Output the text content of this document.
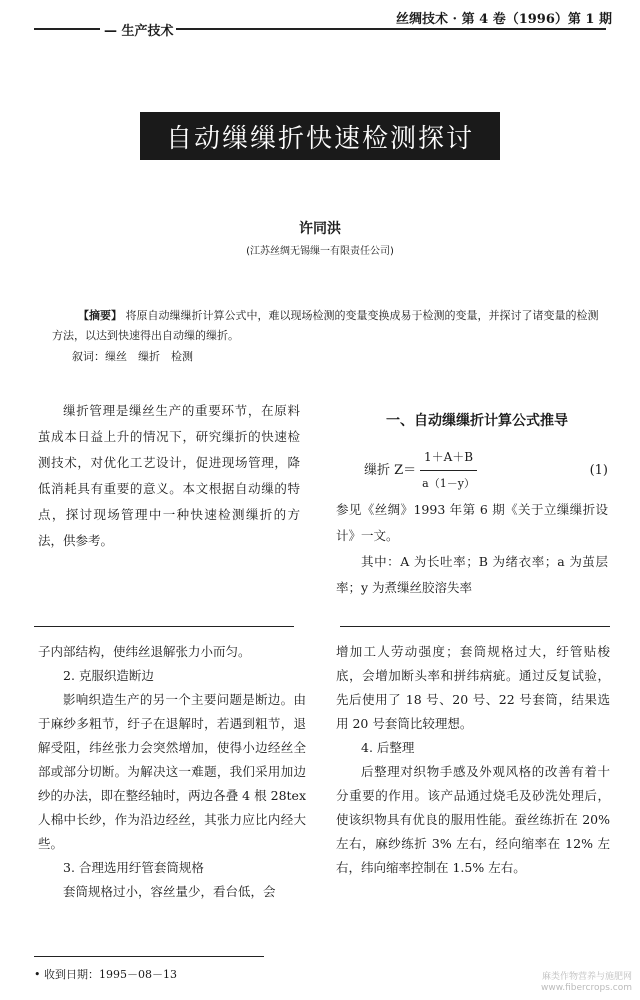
— 生产技术
丝绸技术 · 第 4 卷（1996）第 1 期
自动缫缫折快速检测探讨
许同洪
(江苏丝绸无锡缫一有限责任公司)
【摘要】 将原自动缫缫折计算公式中，难以现场检测的变量变换成易于检测的变量，并探讨了诸变量的检测方法，以达到快速得出自动缫的缫折。
叙词：缫丝　缫折　检测

缫折管理是缫丝生产的重要环节，在原料茧成本日益上升的情况下，研究缫折的快速检测技术，对优化工艺设计，促进现场管理，降低消耗具有重要的意义。本文根据自动缫的特点，探讨现场管理中一种快速检测缫折的方法，供参考。

一、自动缫缫折计算公式推导
缫折 $Z= \frac{1+A+B}{a(1-y)}$	(1)

参见《丝绸》1993 年第 6 期《关于立缫缫折设计》一文。

其中：A 为长吐率；B 为绪衣率；a 为茧层率；y 为煮缫丝胶溶失率

子内部结构，使纬丝退解张力小而匀。

2. 克服织造断边

影响织造生产的另一个主要问题是断边。由于麻纱多粗节，纡子在退解时，若遇到粗节，退解受阻，纬丝张力会突然增加，使得小边经丝全部或部分切断。为解决这一难题，我们采用加边纱的办法，即在整经轴时，两边各叠 4 根 28tex 人棉中长纱，作为沿边经丝，其张力应比内经大些。

3. 合理选用纡管套筒规格

套筒规格过小，容丝量少，看台低，会

增加工人劳动强度；套筒规格过大，纡管贴梭底，会增加断头率和拼纬病疵。通过反复试验，先后使用了 18 号、20 号、22 号套筒，结果选用 20 号套筒比较理想。

4. 后整理

后整理对织物手感及外观风格的改善有着十分重要的作用。该产品通过烧毛及砂洗处理后，使该织物具有优良的服用性能。蚕丝练折在 20% 左右，麻纱练折 3% 左右，经向缩率在 12% 左右，纬向缩率控制在 1.5% 左右。

• 收到日期：1995－08－13	麻类作物营养与施肥网
www.fibercrops.com
